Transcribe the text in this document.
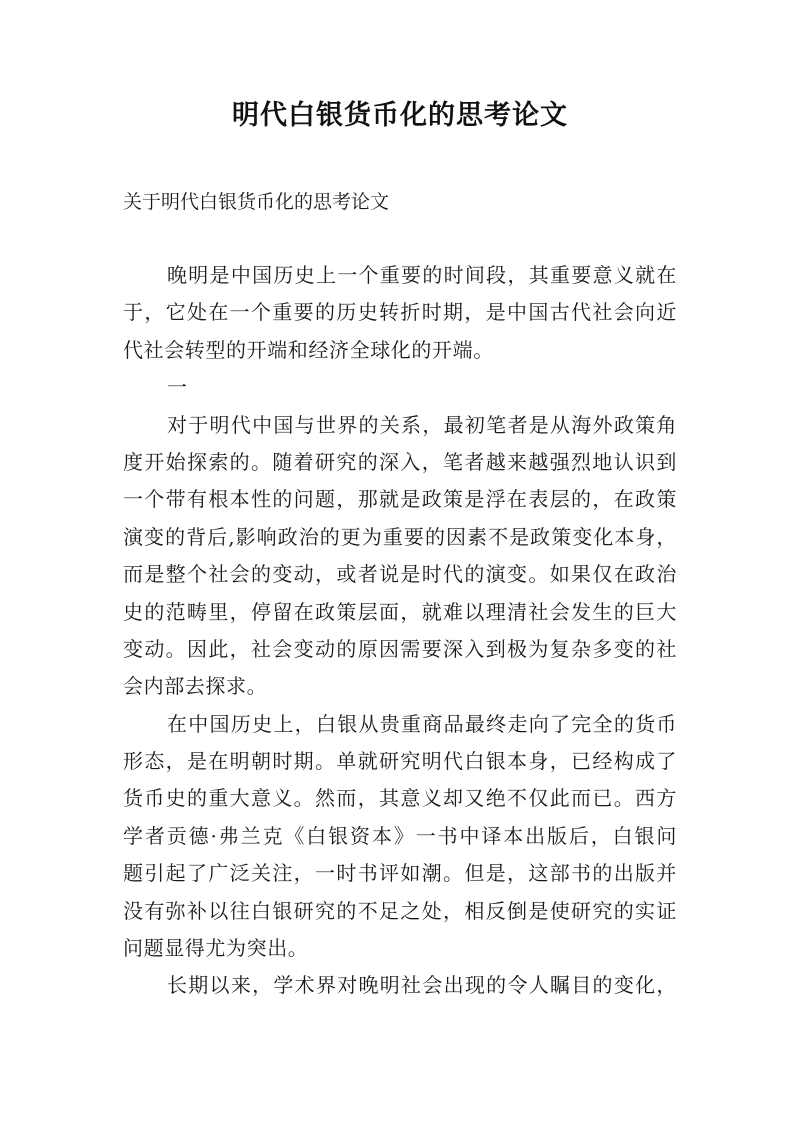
明代白银货币化的思考论文
关于明代白银货币化的思考论文
晚明是中国历史上一个重要的时间段，其重要意义就在
于，它处在一个重要的历史转折时期，是中国古代社会向近
代社会转型的开端和经济全球化的开端。
一
对于明代中国与世界的关系，最初笔者是从海外政策角
度开始探索的。随着研究的深入，笔者越来越强烈地认识到
一个带有根本性的问题，那就是政策是浮在表层的，在政策
演变的背后,影响政治的更为重要的因素不是政策变化本身，
而是整个社会的变动，或者说是时代的演变。如果仅在政治
史的范畴里，停留在政策层面，就难以理清社会发生的巨大
变动。因此，社会变动的原因需要深入到极为复杂多变的社
会内部去探求。
在中国历史上，白银从贵重商品最终走向了完全的货币
形态，是在明朝时期。单就研究明代白银本身，已经构成了
货币史的重大意义。然而，其意义却又绝不仅此而已。西方
学者贡德·弗兰克《白银资本》一书中译本出版后，白银问
题引起了广泛关注，一时书评如潮。但是，这部书的出版并
没有弥补以往白银研究的不足之处，相反倒是使研究的实证
问题显得尤为突出。
长期以来，学术界对晚明社会出现的令人瞩目的变化，
